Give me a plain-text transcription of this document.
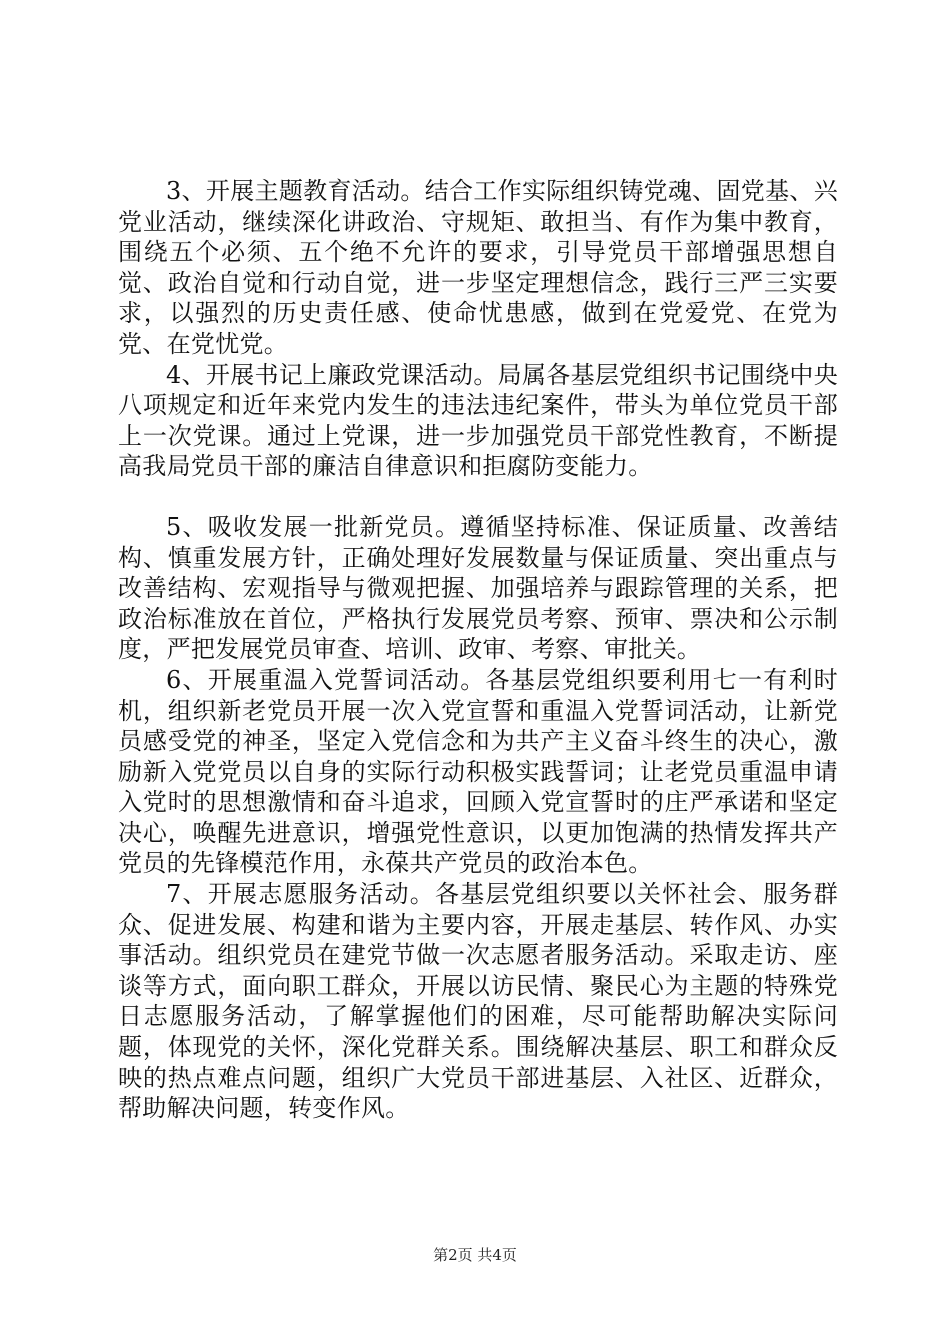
3、开展主题教育活动。结合工作实际组织铸党魂、固党基、兴党业活动，继续深化讲政治、守规矩、敢担当、有作为集中教育，围绕五个必须、五个绝不允许的要求，引导党员干部增强思想自觉、政治自觉和行动自觉，进一步坚定理想信念，践行三严三实要求，以强烈的历史责任感、使命忧患感，做到在党爱党、在党为党、在党忧党。

4、开展书记上廉政党课活动。局属各基层党组织书记围绕中央八项规定和近年来党内发生的违法违纪案件，带头为单位党员干部上一次党课。通过上党课，进一步加强党员干部党性教育，不断提高我局党员干部的廉洁自律意识和拒腐防变能力。

5、吸收发展一批新党员。遵循坚持标准、保证质量、改善结构、慎重发展方针，正确处理好发展数量与保证质量、突出重点与改善结构、宏观指导与微观把握、加强培养与跟踪管理的关系，把政治标准放在首位，严格执行发展党员考察、预审、票决和公示制度，严把发展党员审查、培训、政审、考察、审批关。

6、开展重温入党誓词活动。各基层党组织要利用七一有利时机，组织新老党员开展一次入党宣誓和重温入党誓词活动，让新党员感受党的神圣，坚定入党信念和为共产主义奋斗终生的决心，激励新入党党员以自身的实际行动积极实践誓词；让老党员重温申请入党时的思想激情和奋斗追求，回顾入党宣誓时的庄严承诺和坚定决心，唤醒先进意识，增强党性意识，以更加饱满的热情发挥共产党员的先锋模范作用，永葆共产党员的政治本色。

7、开展志愿服务活动。各基层党组织要以关怀社会、服务群众、促进发展、构建和谐为主要内容，开展走基层、转作风、办实事活动。组织党员在建党节做一次志愿者服务活动。采取走访、座谈等方式，面向职工群众，开展以访民情、聚民心为主题的特殊党日志愿服务活动，了解掌握他们的困难，尽可能帮助解决实际问题，体现党的关怀，深化党群关系。围绕解决基层、职工和群众反映的热点难点问题，组织广大党员干部进基层、入社区、近群众，帮助解决问题，转变作风。

第2页 共4页
